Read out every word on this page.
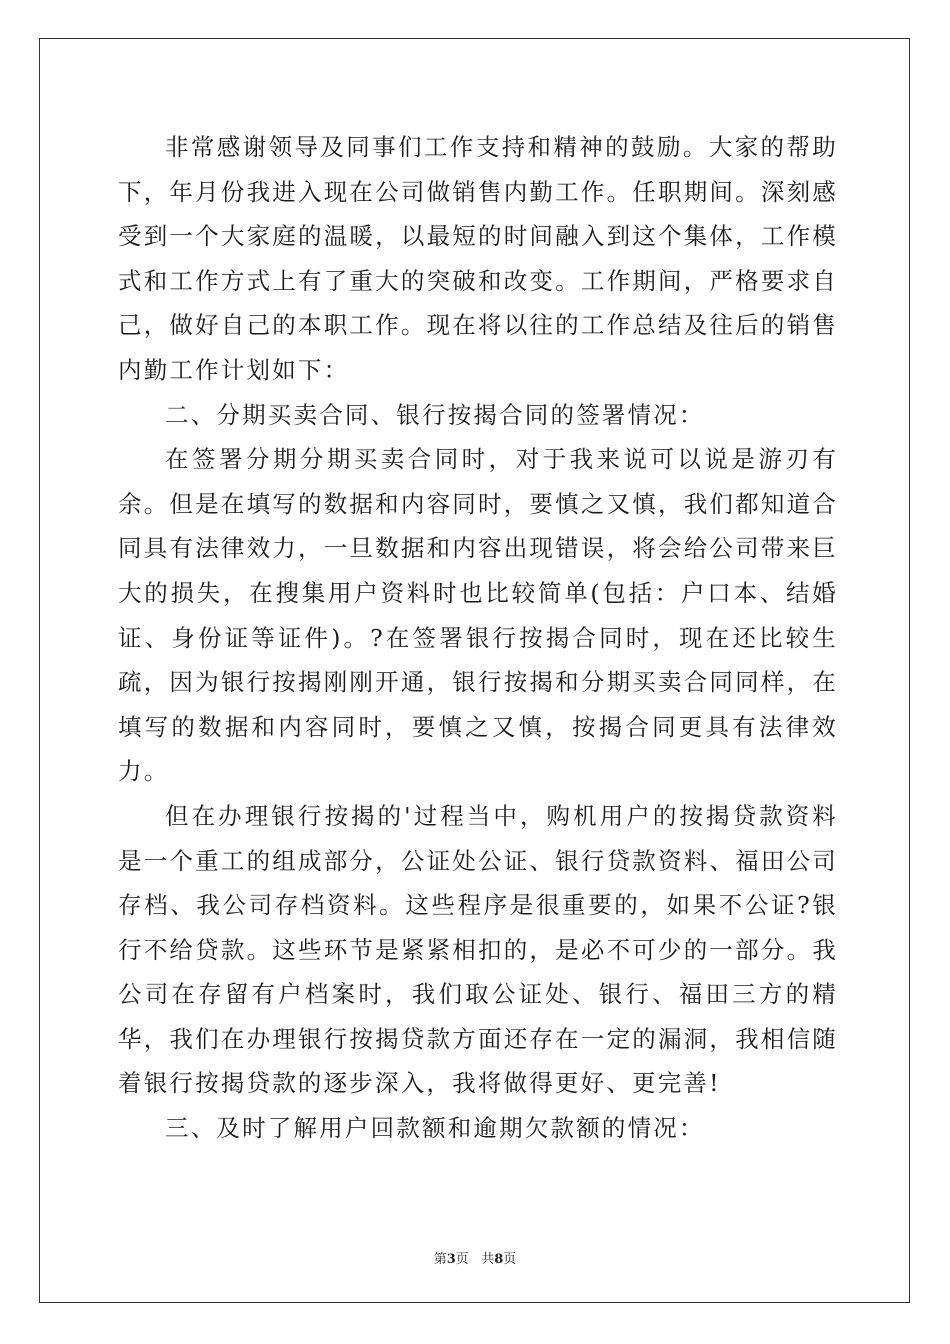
非常感谢领导及同事们工作支持和精神的鼓励。大家的帮助下，年月份我进入现在公司做销售内勤工作。任职期间。深刻感受到一个大家庭的温暖，以最短的时间融入到这个集体，工作模式和工作方式上有了重大的突破和改变。工作期间，严格要求自己，做好自己的本职工作。现在将以往的工作总结及往后的销售内勤工作计划如下：

二、分期买卖合同、银行按揭合同的签署情况：

在签署分期分期买卖合同时，对于我来说可以说是游刃有余。但是在填写的数据和内容同时，要慎之又慎，我们都知道合同具有法律效力，一旦数据和内容出现错误，将会给公司带来巨大的损失，在搜集用户资料时也比较简单(包括：户口本、结婚证、身份证等证件)。?在签署银行按揭合同时，现在还比较生疏，因为银行按揭刚刚开通，银行按揭和分期买卖合同同样，在填写的数据和内容同时，要慎之又慎，按揭合同更具有法律效力。

但在办理银行按揭的'过程当中，购机用户的按揭贷款资料是一个重工的组成部分，公证处公证、银行贷款资料、福田公司存档、我公司存档资料。这些程序是很重要的，如果不公证?银行不给贷款。这些环节是紧紧相扣的，是必不可少的一部分。我公司在存留有户档案时，我们取公证处、银行、福田三方的精华，我们在办理银行按揭贷款方面还存在一定的漏洞，我相信随着银行按揭贷款的逐步深入，我将做得更好、更完善!

三、及时了解用户回款额和逾期欠款额的情况：

第3页 共8页
